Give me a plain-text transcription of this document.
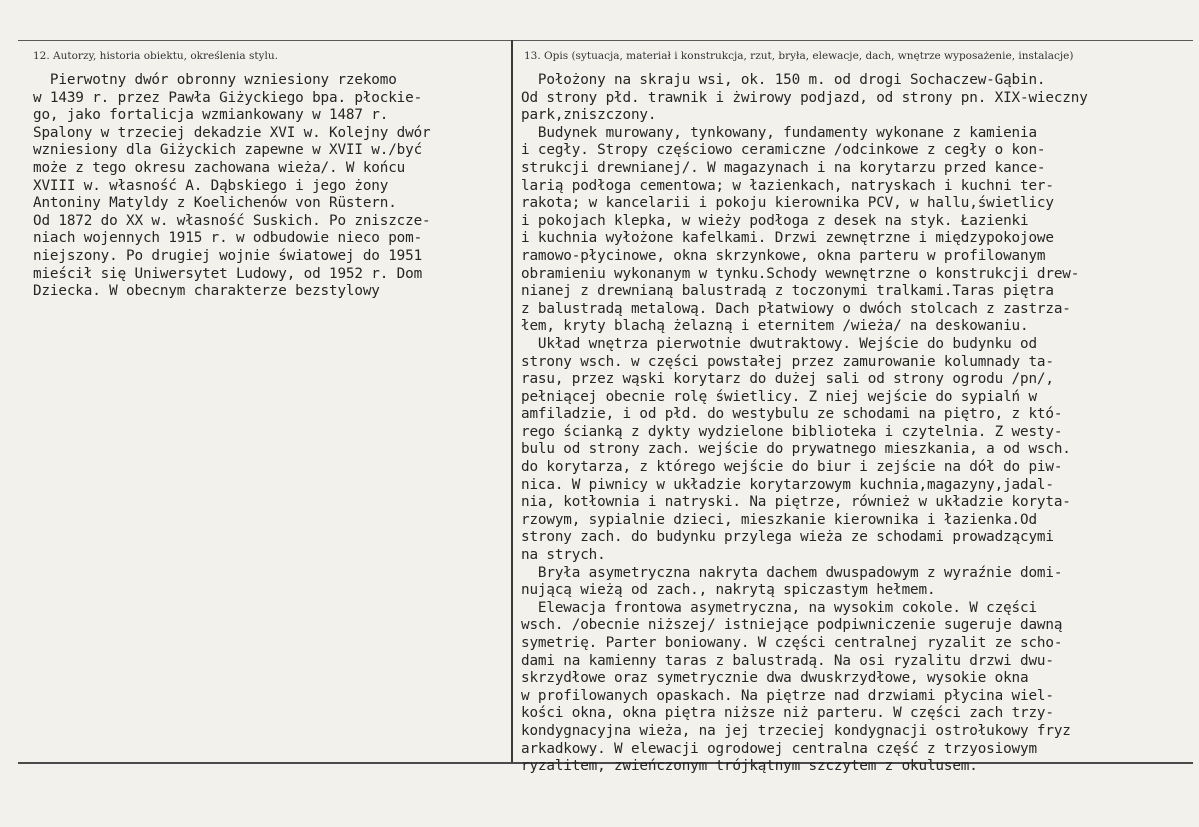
12. Autorzy, historia obiektu, określenia stylu.	13. Opis (sytuacja, materiał i konstrukcja, rzut, bryła, elewacje, dach, wnętrze wyposażenie, instalacje)
Pierwotny dwór obronny wzniesiony rzekomo
w 1439 r. przez Pawła Giżyckiego bpa. płockie-
go, jako fortalicja wzmiankowany w 1487 r.
Spalony w trzeciej dekadzie XVI w. Kolejny dwór
wzniesiony dla Giżyckich zapewne w XVII w./być
może z tego okresu zachowana wieża/. W końcu
XVIII w. własność A. Dąbskiego i jego żony
Antoniny Matyldy z Koelichenów von Rüstern.
Od 1872 do XX w. własność Suskich. Po zniszcze-
niach wojennych 1915 r. w odbudowie nieco pom-
niejszony. Po drugiej wojnie światowej do 1951
mieścił się Uniwersytet Ludowy, od 1952 r. Dom
Dziecka. W obecnym charakterze bezstylowy
Położony na skraju wsi, ok. 150 m. od drogi Sochaczew-Gąbin.
Od strony płd. trawnik i żwirowy podjazd, od strony pn. XIX-wieczny
park,zniszczony.
Budynek murowany, tynkowany, fundamenty wykonane z kamienia
i cegły. Stropy częściowo ceramiczne /odcinkowe z cegły o kon-
strukcji drewnianej/. W magazynach i na korytarzu przed kance-
larią podłoga cementowa; w łazienkach, natryskach i kuchni ter-
rakota; w kancelarii i pokoju kierownika PCV, w hallu,świetlicy
i pokojach klepka, w wieży podłoga z desek na styk. Łazienki
i kuchnia wyłożone kafelkami. Drzwi zewnętrzne i międzypokojowe
ramowo-płycinowe, okna skrzynkowe, okna parteru w profilowanym
obramieniu wykonanym w tynku.Schody wewnętrzne o konstrukcji drew-
nianej z drewnianą balustradą z toczonymi tralkami.Taras piętra
z balustradą metalową. Dach płatwiowy o dwóch stolcach z zastrza-
łem, kryty blachą żelazną i eternitem /wieża/ na deskowaniu.
Układ wnętrza pierwotnie dwutraktowy. Wejście do budynku od
strony wsch. w części powstałej przez zamurowanie kolumnady ta-
rasu, przez wąski korytarz do dużej sali od strony ogrodu /pn/,
pełniącej obecnie rolę świetlicy. Z niej wejście do sypialń w
amfiladzie, i od płd. do westybulu ze schodami na piętro, z któ-
rego ścianką z dykty wydzielone biblioteka i czytelnia. Z westy-
bulu od strony zach. wejście do prywatnego mieszkania, a od wsch.
do korytarza, z którego wejście do biur i zejście na dół do piw-
nica. W piwnicy w układzie korytarzowym kuchnia,magazyny,jadal-
nia, kotłownia i natryski. Na piętrze, również w układzie koryta-
rzowym, sypialnie dzieci, mieszkanie kierownika i łazienka.Od
strony zach. do budynku przylega wieża ze schodami prowadzącymi
na strych.
Bryła asymetryczna nakryta dachem dwuspadowym z wyraźnie domi-
nującą wieżą od zach., nakrytą spiczastym hełmem.
Elewacja frontowa asymetryczna, na wysokim cokole. W części
wsch. /obecnie niższej/ istniejące podpiwniczenie sugeruje dawną
symetrię. Parter boniowany. W części centralnej ryzalit ze scho-
dami na kamienny taras z balustradą. Na osi ryzalitu drzwi dwu-
skrzydłowe oraz symetrycznie dwa dwuskrzydłowe, wysokie okna
w profilowanych opaskach. Na piętrze nad drzwiami płycina wiel-
kości okna, okna piętra niższe niż parteru. W części zach trzy-
kondygnacyjna wieża, na jej trzeciej kondygnacji ostrołukowy fryz
arkadkowy. W elewacji ogrodowej centralna część z trzyosiowym
ryzalitem, zwieńczonym trójkątnym szczytem z okulusem.
